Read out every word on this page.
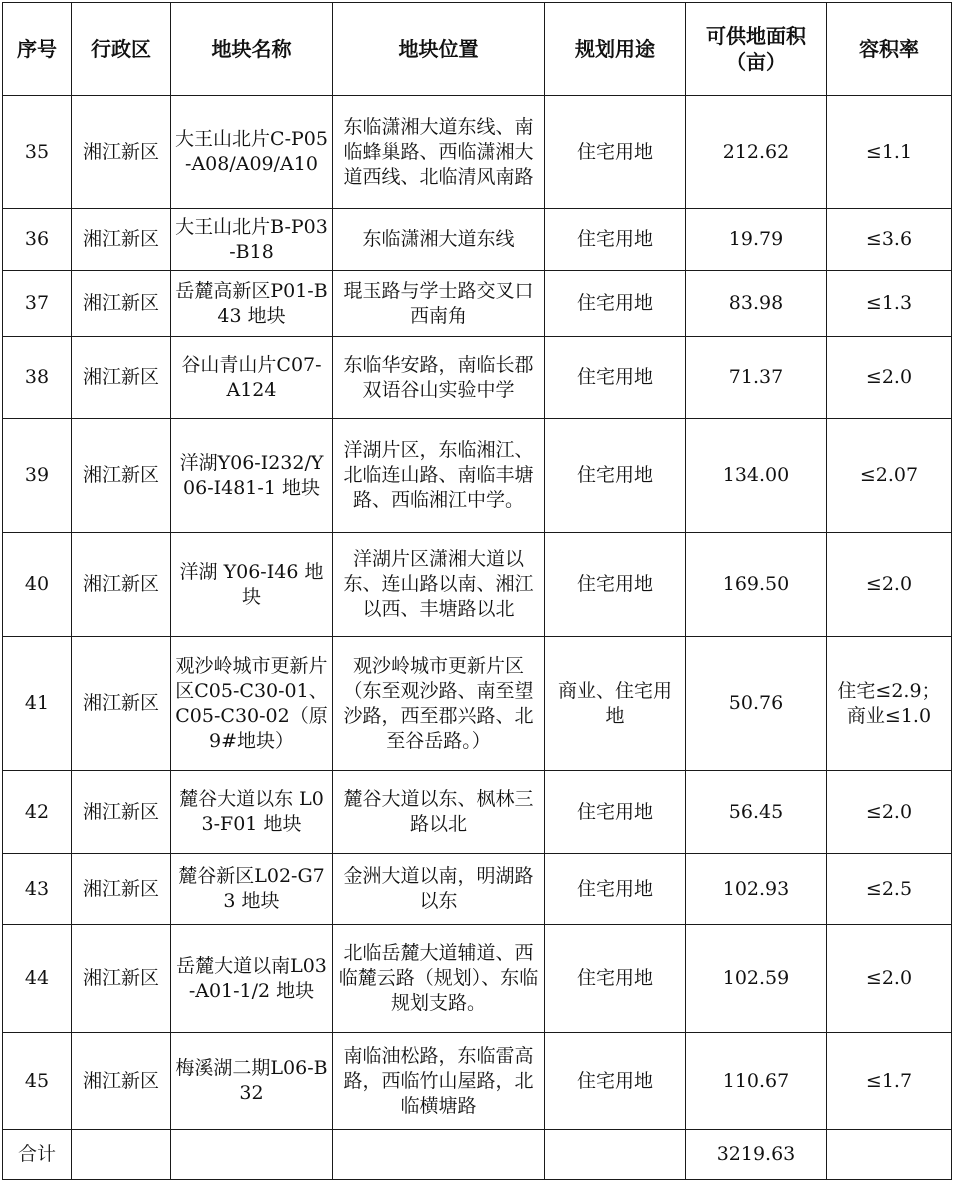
序号	行政区	地块名称	地块位置	规划用途	可供地面积（亩）	容积率
35	湘江新区	大王山北片C-P05-A08/A09/A10	东临潇湘大道东线、南临蜂巢路、西临潇湘大道西线、北临清风南路	住宅用地	212.62	≤1.1
36	湘江新区	大王山北片B-P03-B18	东临潇湘大道东线	住宅用地	19.79	≤3.6
37	湘江新区	岳麓高新区P01-B43 地块	琨玉路与学士路交叉口西南角	住宅用地	83.98	≤1.3
38	湘江新区	谷山青山片C07-A124	东临华安路，南临长郡双语谷山实验中学	住宅用地	71.37	≤2.0
39	湘江新区	洋湖Y06-I232/Y06-I481-1 地块	洋湖片区，东临湘江、北临连山路、南临丰塘路、西临湘江中学。	住宅用地	134.00	≤2.07
40	湘江新区	洋湖 Y06-I46 地块	洋湖片区潇湘大道以东、连山路以南、湘江以西、丰塘路以北	住宅用地	169.50	≤2.0
41	湘江新区	观沙岭城市更新片区C05-C30-01、C05-C30-02（原 9#地块）	观沙岭城市更新片区（东至观沙路、南至望沙路，西至郡兴路、北至谷岳路。）	商业、住宅用地	50.76	住宅≤2.9；商业≤1.0
42	湘江新区	麓谷大道以东 L03-F01 地块	麓谷大道以东、枫林三路以北	住宅用地	56.45	≤2.0
43	湘江新区	麓谷新区L02-G73 地块	金洲大道以南，明湖路以东	住宅用地	102.93	≤2.5
44	湘江新区	岳麓大道以南L03-A01-1/2 地块	北临岳麓大道辅道、西临麓云路（规划）、东临规划支路。	住宅用地	102.59	≤2.0
45	湘江新区	梅溪湖二期L06-B32	南临油松路，东临雷高路，西临竹山屋路，北临横塘路	住宅用地	110.67	≤1.7
合计					3219.63	
